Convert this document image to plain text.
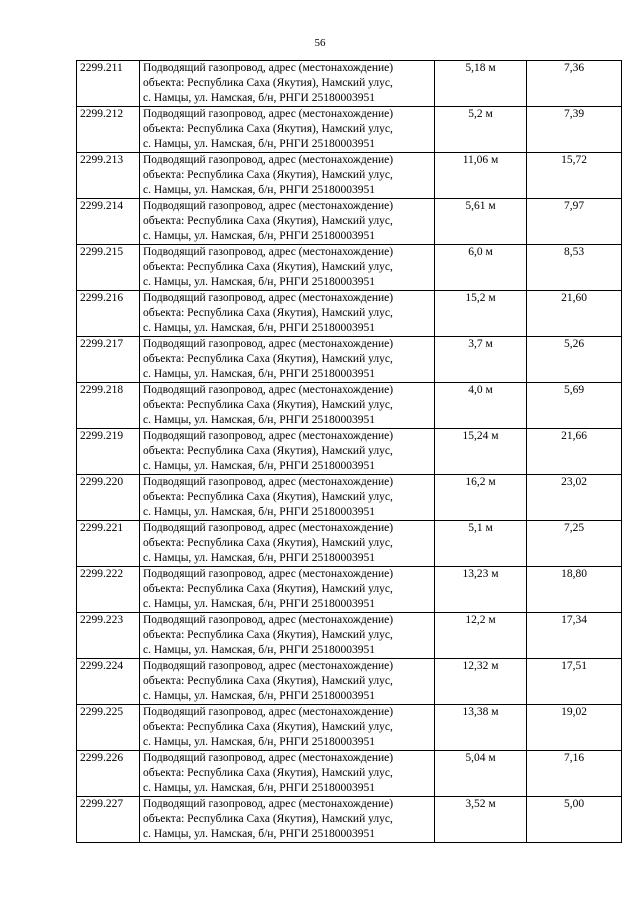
56
2299.211	Подводящий газопровод, адрес (местонахождение)
объекта: Республика Саха (Якутия), Намский улус,
с. Намцы, ул. Намская, б/н, РНГИ 25180003951	5,18 м	7,36
2299.212	Подводящий газопровод, адрес (местонахождение)
объекта: Республика Саха (Якутия), Намский улус,
с. Намцы, ул. Намская, б/н, РНГИ 25180003951	5,2 м	7,39
2299.213	Подводящий газопровод, адрес (местонахождение)
объекта: Республика Саха (Якутия), Намский улус,
с. Намцы, ул. Намская, б/н, РНГИ 25180003951	11,06 м	15,72
2299.214	Подводящий газопровод, адрес (местонахождение)
объекта: Республика Саха (Якутия), Намский улус,
с. Намцы, ул. Намская, б/н, РНГИ 25180003951	5,61 м	7,97
2299.215	Подводящий газопровод, адрес (местонахождение)
объекта: Республика Саха (Якутия), Намский улус,
с. Намцы, ул. Намская, б/н, РНГИ 25180003951	6,0 м	8,53
2299.216	Подводящий газопровод, адрес (местонахождение)
объекта: Республика Саха (Якутия), Намский улус,
с. Намцы, ул. Намская, б/н, РНГИ 25180003951	15,2 м	21,60
2299.217	Подводящий газопровод, адрес (местонахождение)
объекта: Республика Саха (Якутия), Намский улус,
с. Намцы, ул. Намская, б/н, РНГИ 25180003951	3,7 м	5,26
2299.218	Подводящий газопровод, адрес (местонахождение)
объекта: Республика Саха (Якутия), Намский улус,
с. Намцы, ул. Намская, б/н, РНГИ 25180003951	4,0 м	5,69
2299.219	Подводящий газопровод, адрес (местонахождение)
объекта: Республика Саха (Якутия), Намский улус,
с. Намцы, ул. Намская, б/н, РНГИ 25180003951	15,24 м	21,66
2299.220	Подводящий газопровод, адрес (местонахождение)
объекта: Республика Саха (Якутия), Намский улус,
с. Намцы, ул. Намская, б/н, РНГИ 25180003951	16,2 м	23,02
2299.221	Подводящий газопровод, адрес (местонахождение)
объекта: Республика Саха (Якутия), Намский улус,
с. Намцы, ул. Намская, б/н, РНГИ 25180003951	5,1 м	7,25
2299.222	Подводящий газопровод, адрес (местонахождение)
объекта: Республика Саха (Якутия), Намский улус,
с. Намцы, ул. Намская, б/н, РНГИ 25180003951	13,23 м	18,80
2299.223	Подводящий газопровод, адрес (местонахождение)
объекта: Республика Саха (Якутия), Намский улус,
с. Намцы, ул. Намская, б/н, РНГИ 25180003951	12,2 м	17,34
2299.224	Подводящий газопровод, адрес (местонахождение)
объекта: Республика Саха (Якутия), Намский улус,
с. Намцы, ул. Намская, б/н, РНГИ 25180003951	12,32 м	17,51
2299.225	Подводящий газопровод, адрес (местонахождение)
объекта: Республика Саха (Якутия), Намский улус,
с. Намцы, ул. Намская, б/н, РНГИ 25180003951	13,38 м	19,02
2299.226	Подводящий газопровод, адрес (местонахождение)
объекта: Республика Саха (Якутия), Намский улус,
с. Намцы, ул. Намская, б/н, РНГИ 25180003951	5,04 м	7,16
2299.227	Подводящий газопровод, адрес (местонахождение)
объекта: Республика Саха (Якутия), Намский улус,
с. Намцы, ул. Намская, б/н, РНГИ 25180003951	3,52 м	5,00
